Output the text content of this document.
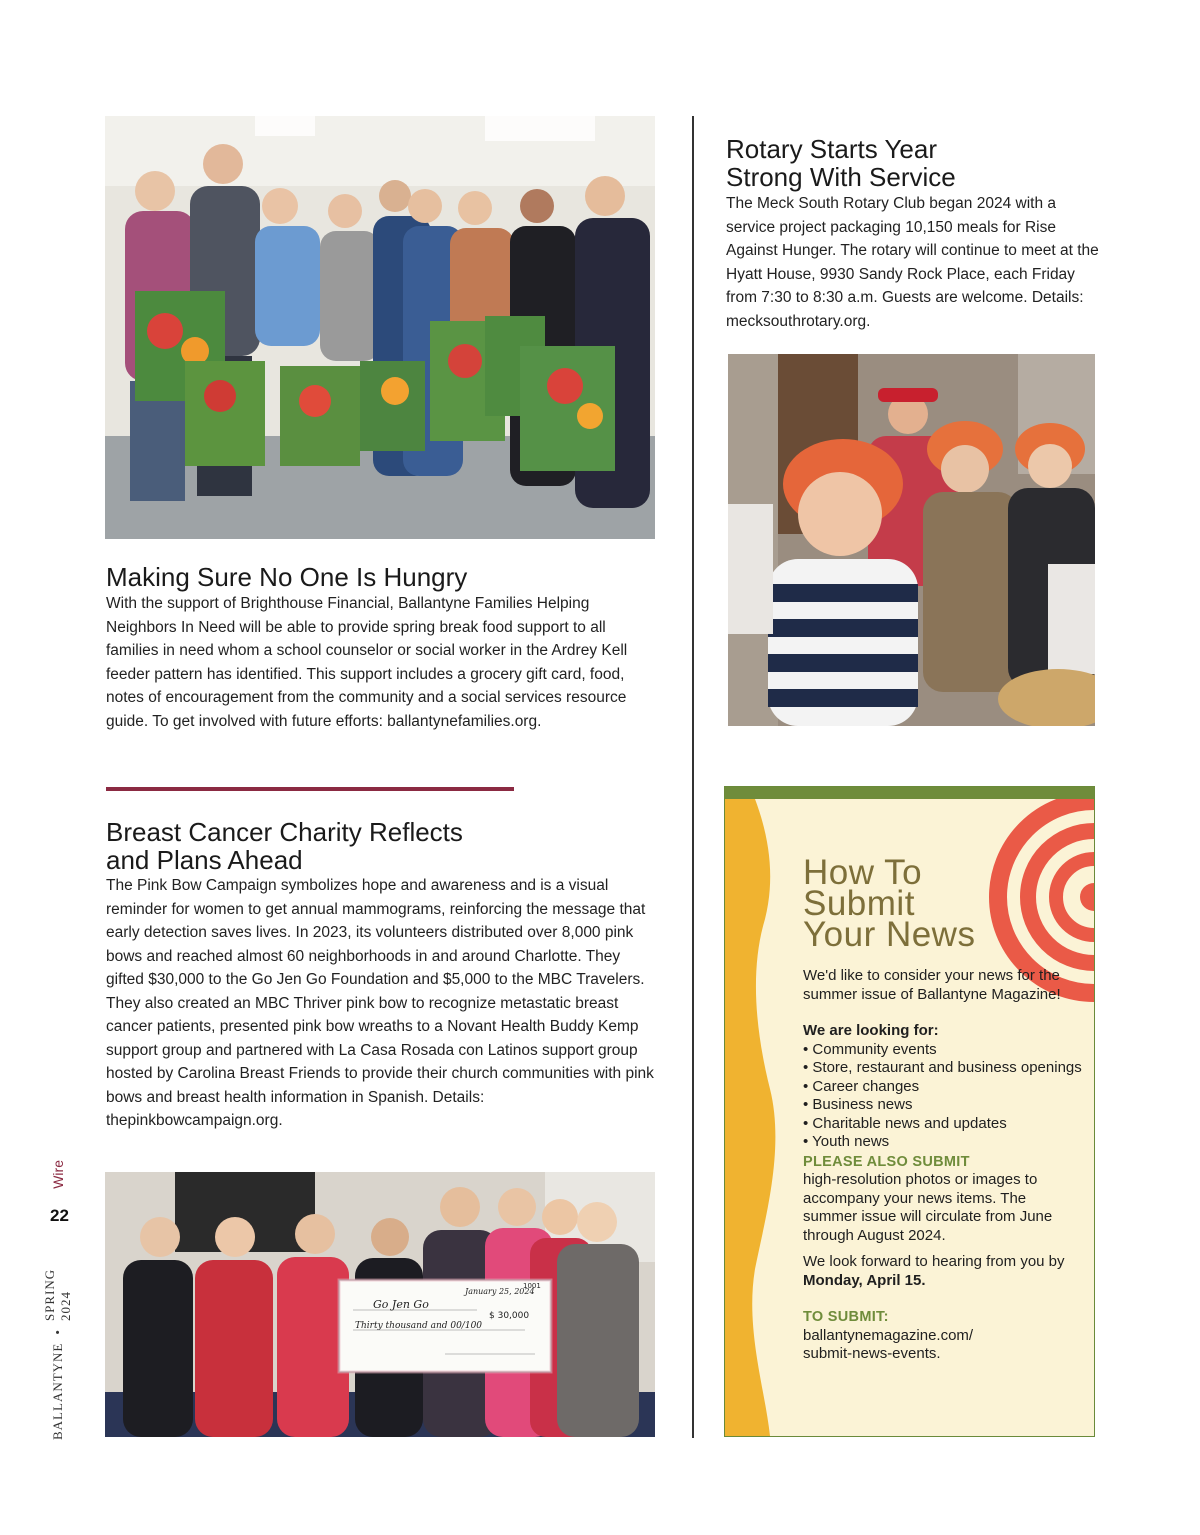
Making Sure No One Is Hungry

With the support of Brighthouse Financial, Ballantyne Families Helping Neighbors In Need will be able to provide spring break food support to all families in need whom a school counselor or social worker in the Ardrey Kell feeder pattern has identified. This support includes a grocery gift card, food, notes of encouragement from the community and a social services resource guide. To get involved with future efforts: ballantynefamilies.org.

Breast Cancer Charity Reflects
and Plans Ahead

The Pink Bow Campaign symbolizes hope and awareness and is a visual reminder for women to get annual mammograms, reinforcing the message that early detection saves lives. In 2023, its volunteers distributed over 8,000 pink bows and reached almost 60 neighborhoods in and around Charlotte. They gifted $30,000 to the Go Jen Go Foundation and $5,000 to the MBC Travelers. They also created an MBC Thriver pink bow to recognize metastatic breast cancer patients, presented pink bow wreaths to a Novant Health Buddy Kemp support group and partnered with La Casa Rosada con Latinos support group hosted by Carolina Breast Friends to provide their church communities with pink bows and breast health information in Spanish. Details: thepinkbowcampaign.org.

Go Jen Go
$ 30,000
Thirty thousand and 00/100
January 25, 2024
1001
Rotary Starts Year
Strong With Service

The Meck South Rotary Club began 2024 with a service project packaging 10,150 meals for Rise Against Hunger. The rotary will continue to meet at the Hyatt House, 9930 Sandy Rock Place, each Friday from 7:30 to 8:30 a.m. Guests are welcome. Details: mecksouthrotary.org.

How To
Submit
Your News

We'd like to consider your news for the summer issue of Ballantyne Magazine!

We are looking for:

• Community events
• Store, restaurant and business openings
• Career changes
• Business news
• Charitable news and updates
• Youth news

PLEASE ALSO SUBMIT

high-resolution photos or images to accompany your news items. The summer issue will circulate from June through August 2024.

We look forward to hearing from you by Monday, April 15.

TO SUBMIT:

ballantynemagazine.com/ submit-news-events.

BALLANTYNE
•
SPRING 2024
Wire
22
